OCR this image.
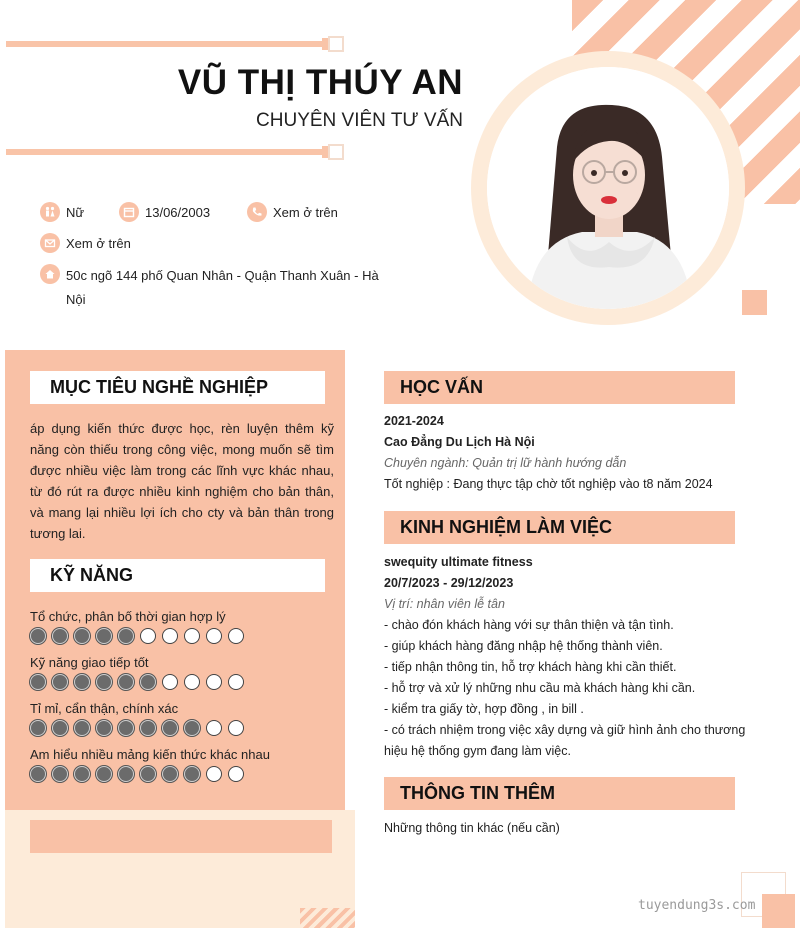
VŨ THỊ THÚY AN
CHUYÊN VIÊN TƯ VẤN
Nữ	13/06/2003	Xem ở trên
Xem ở trên
50c ngõ 144 phố Quan Nhân - Quận Thanh Xuân - Hà
Nội
MỤC TIÊU NGHỀ NGHIỆP
áp dụng kiến thức được học, rèn luyện thêm kỹ năng còn thiếu trong công việc, mong muốn sẽ tìm được nhiều việc làm trong các lĩnh vực khác nhau, từ đó rút ra được nhiều kinh nghiệm cho bản thân, và mang lại nhiều lợi ích cho cty và bản thân trong tương lai.
KỸ NĂNG
Tổ chức, phân bố thời gian hợp lý
Kỹ năng giao tiếp tốt
Tỉ mỉ, cẩn thận, chính xác
Am hiểu nhiều mảng kiến thức khác nhau
HỌC VẤN
2021-2024
Cao Đẳng Du Lịch Hà Nội
Chuyên ngành: Quản trị lữ hành hướng dẫn
Tốt nghiệp : Đang thực tập chờ tốt nghiệp vào t8 năm 2024
KINH NGHIỆM LÀM VIỆC
swequity ultimate fitness
20/7/2023 - 29/12/2023
Vị trí: nhân viên lễ tân
- chào đón khách hàng với sự thân thiện và tận tình.
- giúp khách hàng đăng nhập hệ thống thành viên.
- tiếp nhận thông tin, hỗ trợ khách hàng khi cần thiết.
- hỗ trợ và xử lý những nhu cầu mà khách hàng khi cần.
- kiểm tra giấy tờ, hợp đồng , in bill .
- có trách nhiệm trong việc xây dựng và giữ hình ảnh cho thương
hiệu hệ thống gym đang làm việc.
THÔNG TIN THÊM
Những thông tin khác (nếu cần)
tuyendung3s.com
